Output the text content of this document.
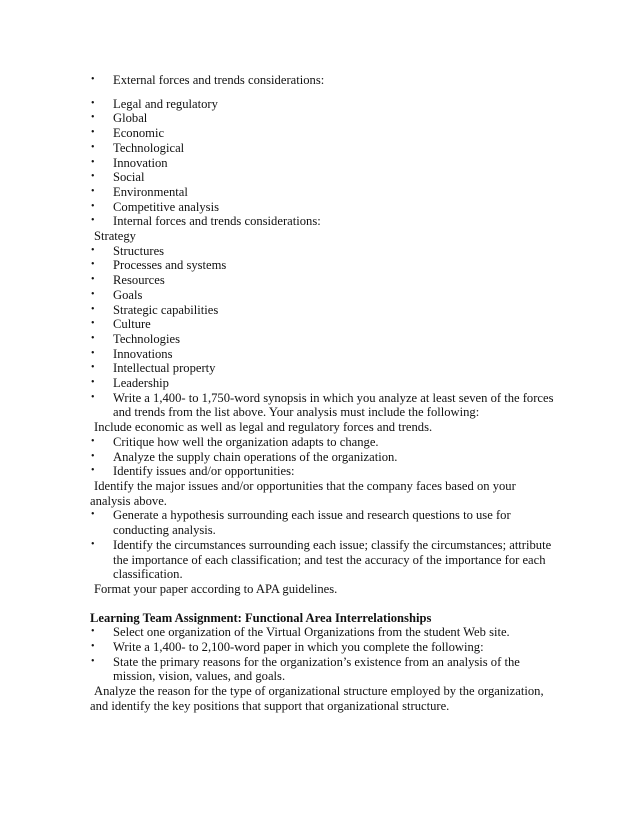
• External forces and trends considerations:
• Legal and regulatory
• Global
• Economic
• Technological
• Innovation
• Social
• Environmental
• Competitive analysis
• Internal forces and trends considerations:
Strategy
• Structures
• Processes and systems
• Resources
• Goals
• Strategic capabilities
• Culture
• Technologies
• Innovations
• Intellectual property
• Leadership
• Write a 1,400- to 1,750-word synopsis in which you analyze at least seven of the forces and trends from the list above. Your analysis must include the following:
Include economic as well as legal and regulatory forces and trends.
• Critique how well the organization adapts to change.
• Analyze the supply chain operations of the organization.
• Identify issues and/or opportunities:
Identify the major issues and/or opportunities that the company faces based on your
analysis above.
• Generate a hypothesis surrounding each issue and research questions to use for conducting analysis.
• Identify the circumstances surrounding each issue; classify the circumstances; attribute the importance of each classification; and test the accuracy of the importance for each classification.
Format your paper according to APA guidelines.
Learning Team Assignment: Functional Area Interrelationships
• Select one organization of the Virtual Organizations from the student Web site.
• Write a 1,400- to 2,100-word paper in which you complete the following:
• State the primary reasons for the organization’s existence from an analysis of the mission, vision, values, and goals.
Analyze the reason for the type of organizational structure employed by the organization,
and identify the key positions that support that organizational structure.
